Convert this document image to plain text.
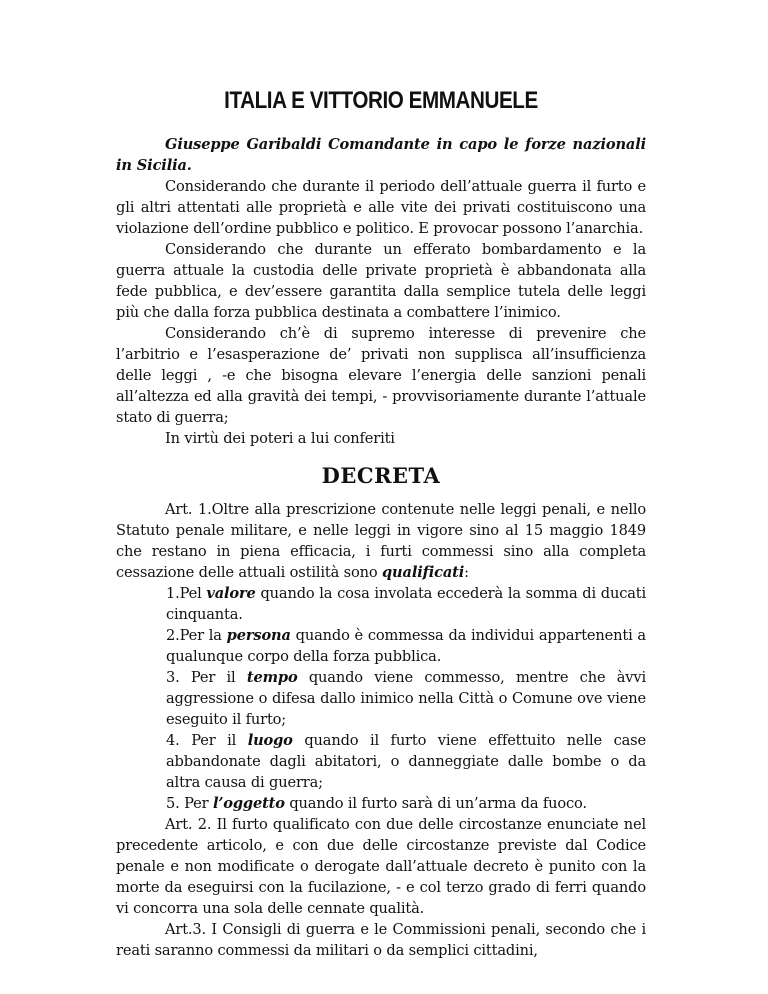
ITALIA E VITTORIO EMMANUELE

Giuseppe Garibaldi Comandante in capo le forze nazionali in Sicilia.

Considerando che durante il periodo dell’attuale guerra il furto e gli altri attentati alle proprietà e alle vite dei privati costituiscono una violazione dell’ordine pubblico e politico. E provocar possono l’anarchia.

Considerando che durante un efferato bombardamento e la guerra attuale la custodia delle private proprietà è abbandonata alla fede pubblica, e dev’essere garantita dalla semplice tutela delle leggi più che dalla forza pubblica destinata a combattere l’inimico.

Considerando ch’è di supremo interesse di prevenire che l’arbitrio e l’esasperazione de’ privati non supplisca all’insufficienza delle leggi , -e che bisogna elevare l’energia delle sanzioni penali all’altezza ed alla gravità dei tempi, - provvisoriamente durante l’attuale stato di guerra;

In virtù dei poteri a lui conferiti

DECRETA

Art. 1.Oltre alla prescrizione contenute nelle leggi penali, e nello Statuto penale militare, e nelle leggi in vigore sino al 15 maggio 1849 che restano in piena efficacia, i furti commessi sino alla completa cessazione delle attuali ostilità sono qualificati:

1.Pel valore quando la cosa involata eccederà la somma di ducati cinquanta.
2.Per la persona quando è commessa da individui appartenenti a qualunque corpo della forza pubblica.
3. Per il tempo quando viene commesso, mentre che àvvi aggressione o difesa dallo inimico nella Città o Comune ove viene eseguito il furto;
4. Per il luogo quando il furto viene effettuito nelle case abbandonate dagli abitatori, o danneggiate dalle bombe o da altra causa di guerra;
5. Per l’oggetto quando il furto sarà di un’arma da fuoco.

Art. 2. Il furto qualificato con due delle circostanze enunciate nel precedente articolo, e con due delle circostanze previste dal Codice penale e non modificate o derogate dall’attuale decreto è punito con la morte da eseguirsi con la fucilazione, - e col terzo grado di ferri quando vi concorra una sola delle cennate qualità.

Art.3. I Consigli di guerra e le Commissioni penali, secondo che i reati saranno commessi da militari o da semplici cittadini,
